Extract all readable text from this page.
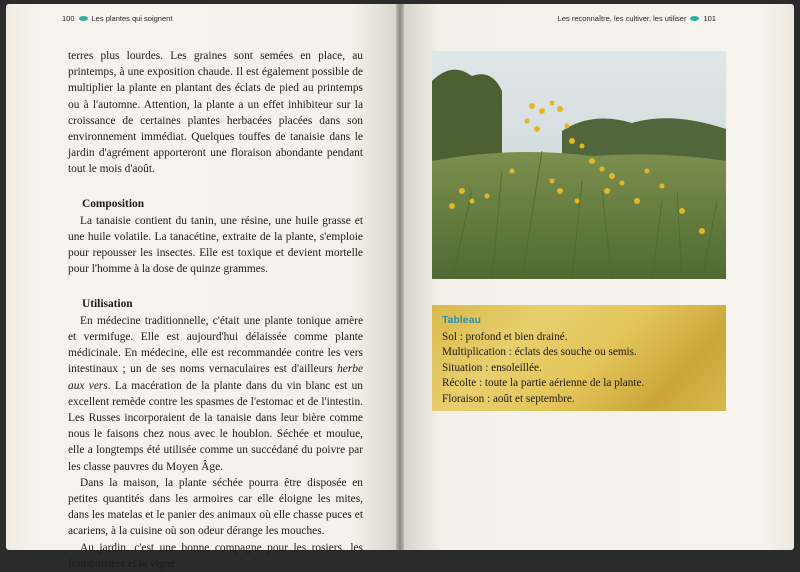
100 Les plantes qui soignent	Les reconnaître, les cultiver, les utiliser 101

terres plus lourdes. Les graines sont semées en place, au printemps, à une exposition chaude. Il est également possible de multiplier la plante en plantant des éclats de pied au printemps ou à l'automne. Attention, la plante a un effet inhibiteur sur la croissance de certaines plantes herbacées placées dans son environnement immédiat. Quelques touffes de tanaisie dans le jardin d'agrément apporteront une floraison abondante pendant tout le mois d'août.

Composition

La tanaisie contient du tanin, une résine, une huile grasse et une huile volatile. La tanacétine, extraite de la plante, s'emploie pour repousser les insectes. Elle est toxique et devient mortelle pour l'homme à la dose de quinze grammes.

Utilisation

En médecine traditionnelle, c'était une plante tonique amère et vermifuge. Elle est aujourd'hui délaissée comme plante médicinale. En médecine, elle est recommandée contre les vers intestinaux ; un de ses noms vernaculaires est d'ailleurs herbe aux vers. La macération de la plante dans du vin blanc est un excellent remède contre les spasmes de l'estomac et de l'intestin. Les Russes incorporaient de la tanaisie dans leur bière comme nous le faisons chez nous avec le houblon. Séchée et moulue, elle a longtemps été utilisée comme un succédané du poivre par les classe pauvres du Moyen Âge.

Dans la maison, la plante séchée pourra être disposée en petites quantités dans les armoires car elle éloigne les mites, dans les matelas et le panier des animaux où elle chasse puces et acariens, à la cuisine où son odeur dérange les mouches.

Au jardin, c'est une bonne compagne pour les rosiers, les framboisiers et la vigne.

Tableau
Sol : profond et bien drainé.
Multiplication : éclats des souche ou semis.
Situation : ensoleillée.
Récolte : toute la partie aérienne de la plante.
Floraison : août et septembre.
